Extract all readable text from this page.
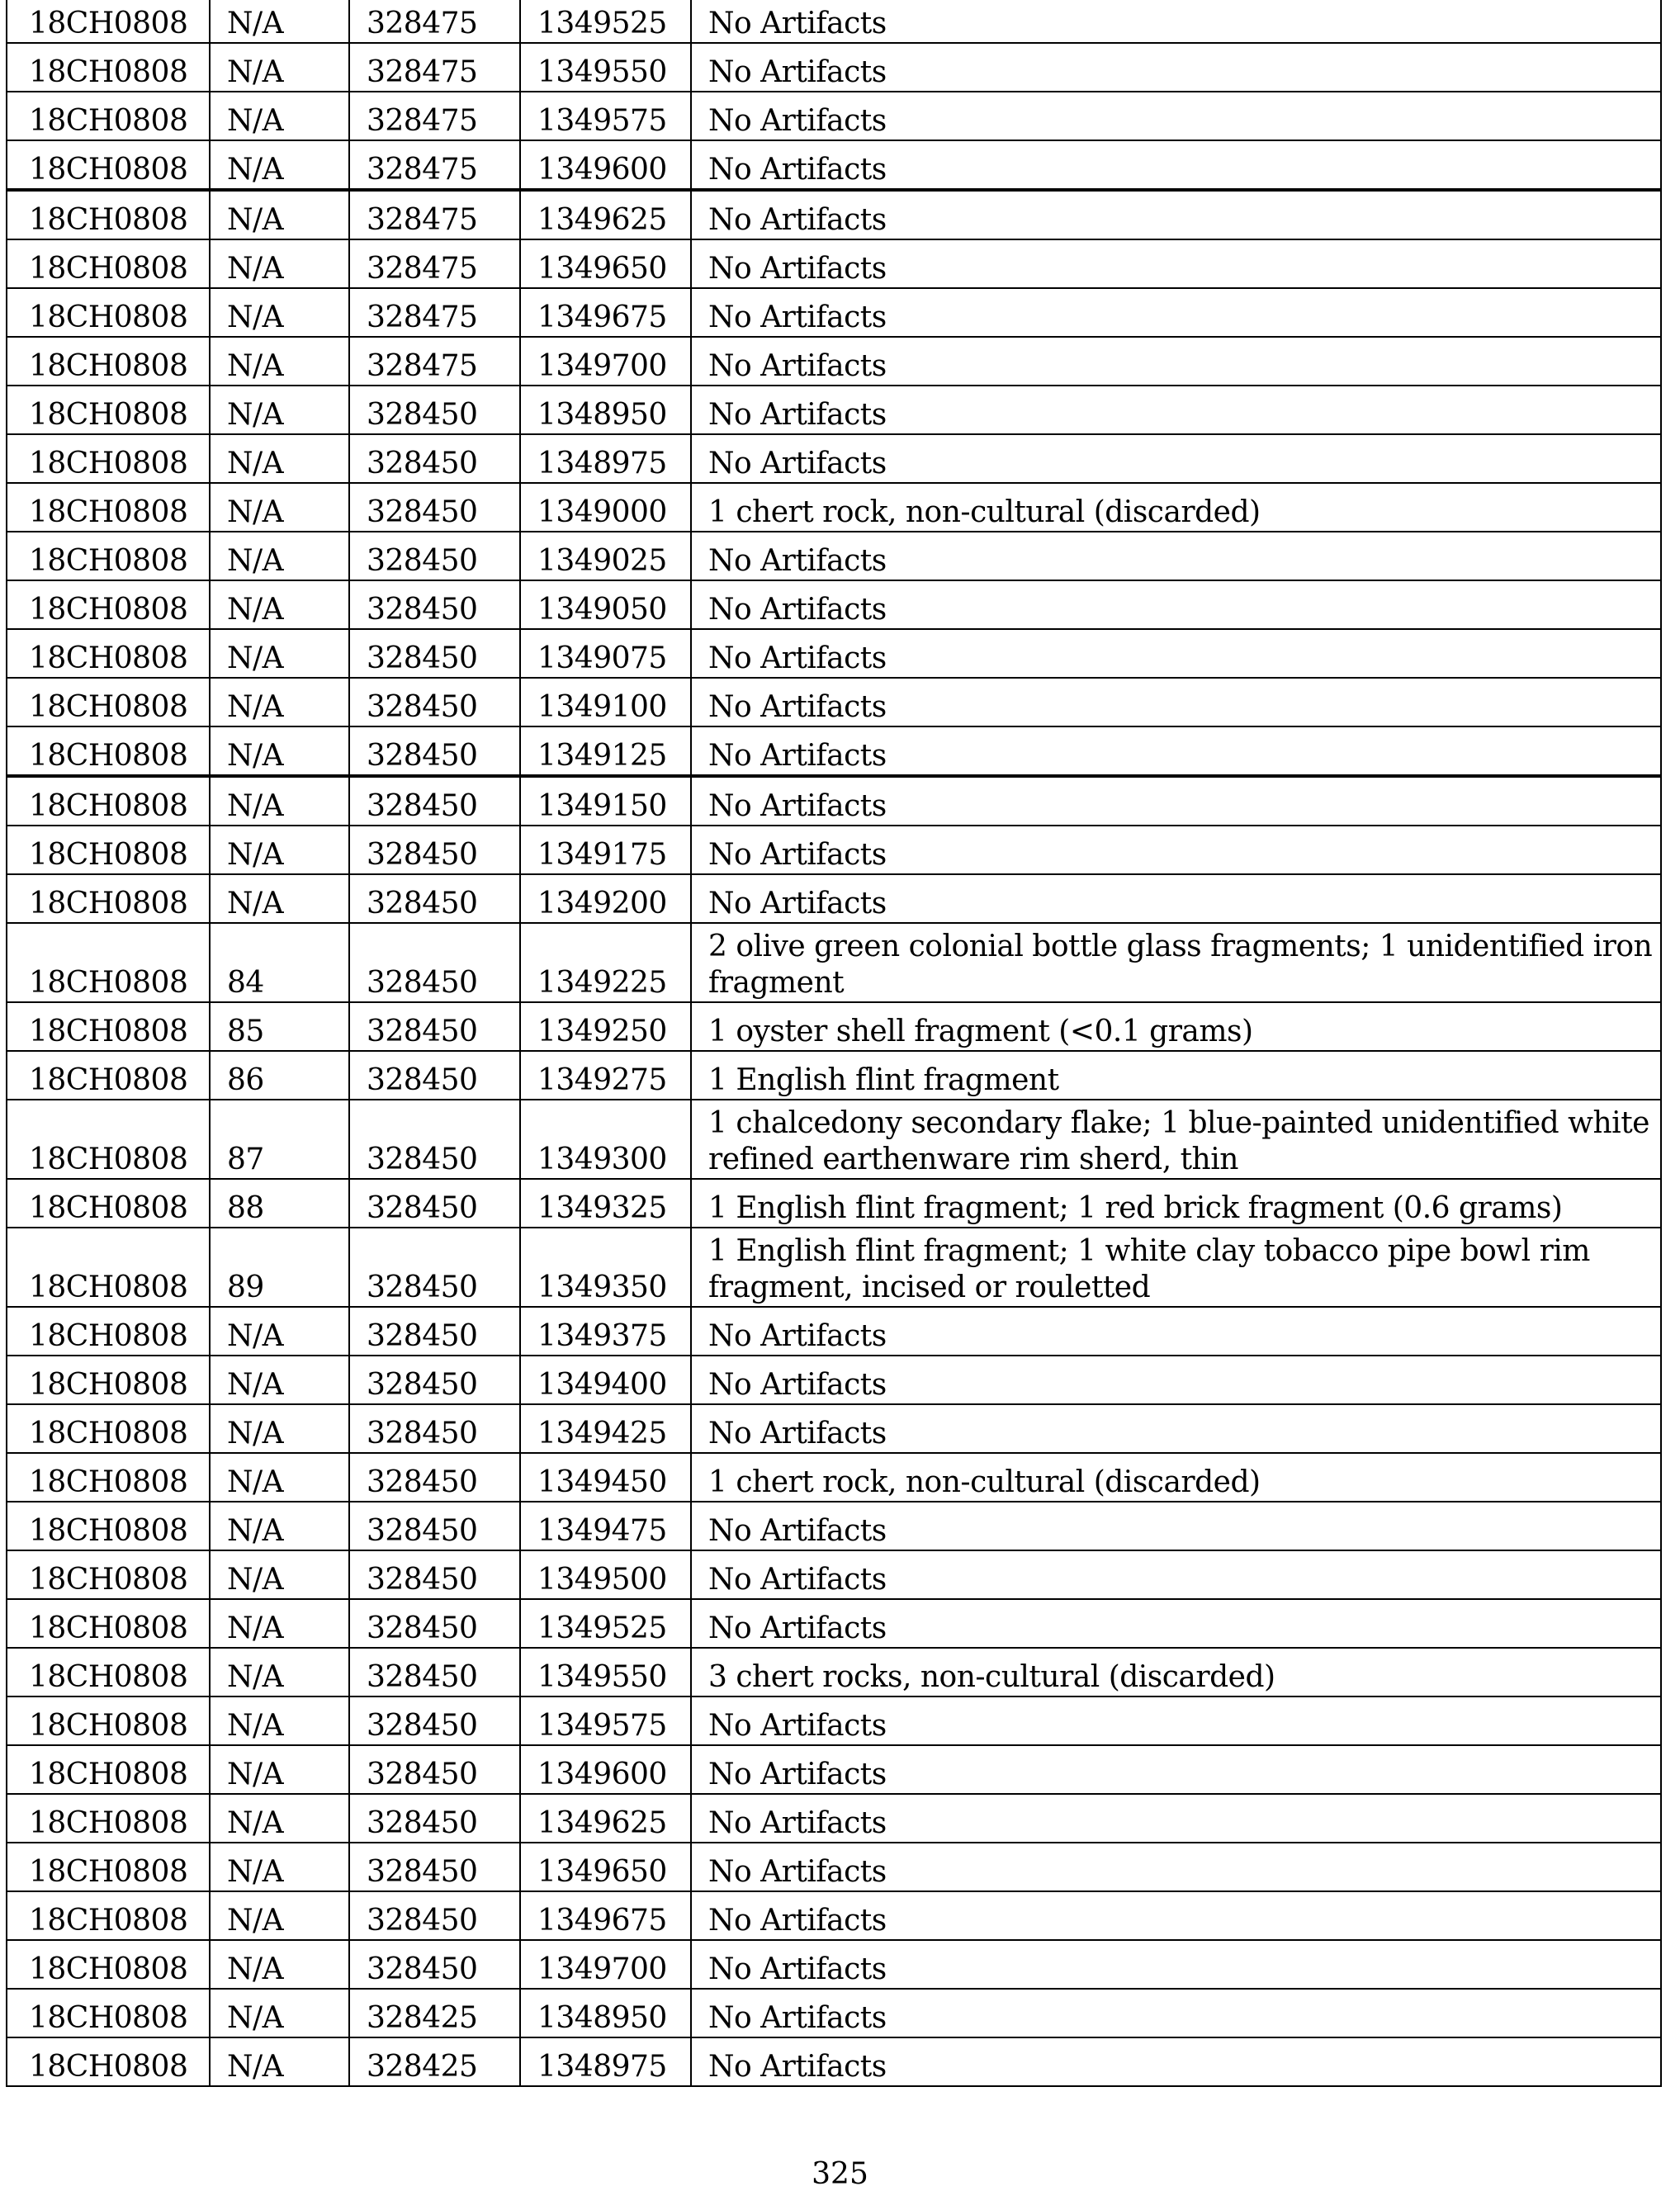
18CH0808	N/A	328475	1349525	No Artifacts
18CH0808	N/A	328475	1349550	No Artifacts
18CH0808	N/A	328475	1349575	No Artifacts
18CH0808	N/A	328475	1349600	No Artifacts
18CH0808	N/A	328475	1349625	No Artifacts
18CH0808	N/A	328475	1349650	No Artifacts
18CH0808	N/A	328475	1349675	No Artifacts
18CH0808	N/A	328475	1349700	No Artifacts
18CH0808	N/A	328450	1348950	No Artifacts
18CH0808	N/A	328450	1348975	No Artifacts
18CH0808	N/A	328450	1349000	1 chert rock, non-cultural (discarded)
18CH0808	N/A	328450	1349025	No Artifacts
18CH0808	N/A	328450	1349050	No Artifacts
18CH0808	N/A	328450	1349075	No Artifacts
18CH0808	N/A	328450	1349100	No Artifacts
18CH0808	N/A	328450	1349125	No Artifacts
18CH0808	N/A	328450	1349150	No Artifacts
18CH0808	N/A	328450	1349175	No Artifacts
18CH0808	N/A	328450	1349200	No Artifacts
18CH0808	84	328450	1349225	2 olive green colonial bottle glass fragments; 1 unidentified iron fragment
18CH0808	85	328450	1349250	1 oyster shell fragment (<0.1 grams)
18CH0808	86	328450	1349275	1 English flint fragment
18CH0808	87	328450	1349300	1 chalcedony secondary flake; 1 blue-painted unidentified white refined earthenware rim sherd, thin
18CH0808	88	328450	1349325	1 English flint fragment; 1 red brick fragment (0.6 grams)
18CH0808	89	328450	1349350	1 English flint fragment; 1 white clay tobacco pipe bowl rim fragment, incised or rouletted
18CH0808	N/A	328450	1349375	No Artifacts
18CH0808	N/A	328450	1349400	No Artifacts
18CH0808	N/A	328450	1349425	No Artifacts
18CH0808	N/A	328450	1349450	1 chert rock, non-cultural (discarded)
18CH0808	N/A	328450	1349475	No Artifacts
18CH0808	N/A	328450	1349500	No Artifacts
18CH0808	N/A	328450	1349525	No Artifacts
18CH0808	N/A	328450	1349550	3 chert rocks, non-cultural (discarded)
18CH0808	N/A	328450	1349575	No Artifacts
18CH0808	N/A	328450	1349600	No Artifacts
18CH0808	N/A	328450	1349625	No Artifacts
18CH0808	N/A	328450	1349650	No Artifacts
18CH0808	N/A	328450	1349675	No Artifacts
18CH0808	N/A	328450	1349700	No Artifacts
18CH0808	N/A	328425	1348950	No Artifacts
18CH0808	N/A	328425	1348975	No Artifacts
325
